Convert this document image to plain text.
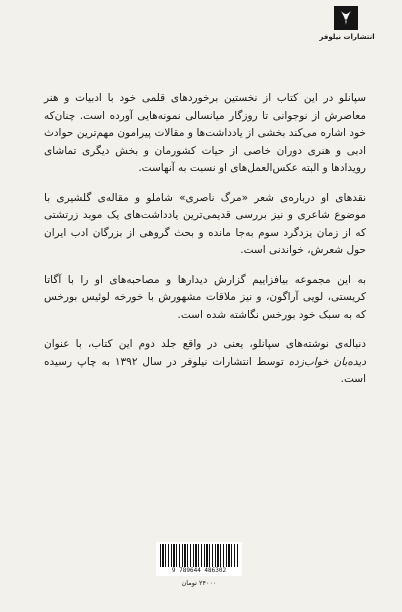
انتشارات نیلوفر

سپانلو در این کتاب از نخستین برخوردهای قلمی خود با ادبیات و هنر معاصرش از نوجوانی تا روزگار میانسالی نمونه‌هایی آورده است. چنان‌که خود اشاره می‌کند بخشی از یادداشت‌ها و مقالات پیرامون مهم‌ترین حوادث ادبی و هنری دوران خاصی از حیات کشورمان و بخش دیگری تماشای رویدادها و البته عکس‌العمل‌های او نسبت به آنهاست.

نقدهای او درباره‌ی شعر «مرگ ناصری» شاملو و مقاله‌ی گلشیری با موضوع شاعری و نیز بررسی قدیمی‌ترین یادداشت‌های یک موبد زرتشتی که از زمان یزدگرد سوم به‌جا مانده و بحث گروهی از بزرگان ادب ایران حول شعرش، خواندنی است.

به این مجموعه بیافزاییم گزارش دیدارها و مصاحبه‌های او را با آگاتا کریستی، لویی آراگون، و نیز ملاقات مشهورش با خورخه لوئیس بورخس که به سبک خود بورخس نگاشته شده است.

دنباله‌ی نوشته‌های سپانلو، یعنی در واقع جلد دوم این کتاب، با عنوان دیده‌بان خواب‌زده توسط انتشارات نیلوفر در سال ۱۳۹۲ به چاپ رسیده است.

9 789644 486302
۲۴۰۰۰ تومان
